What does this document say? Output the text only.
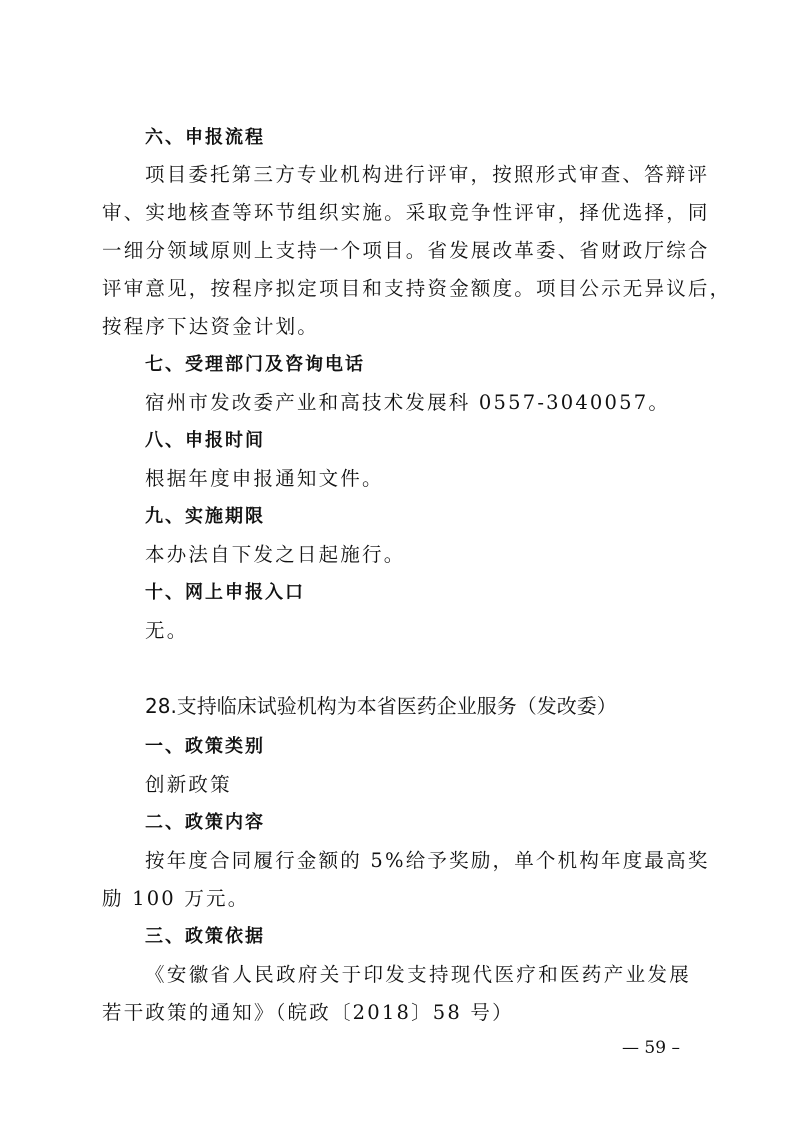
六、申报流程
项目委托第三方专业机构进行评审，按照形式审查、答辩评
审、实地核查等环节组织实施。采取竞争性评审，择优选择，同
一细分领域原则上支持一个项目。省发展改革委、省财政厅综合
评审意见，按程序拟定项目和支持资金额度。项目公示无异议后，
按程序下达资金计划。
七、受理部门及咨询电话
宿州市发改委产业和高技术发展科 0557-3040057。
八、申报时间
根据年度申报通知文件。
九、实施期限
本办法自下发之日起施行。
十、网上申报入口
无。
28.支持临床试验机构为本省医药企业服务（发改委）
一、政策类别
创新政策
二、政策内容
按年度合同履行金额的 5%给予奖励，单个机构年度最高奖
励 100 万元。
三、政策依据
《安徽省人民政府关于印发支持现代医疗和医药产业发展
若干政策的通知》（皖政〔2018〕58 号）
— 59 –
